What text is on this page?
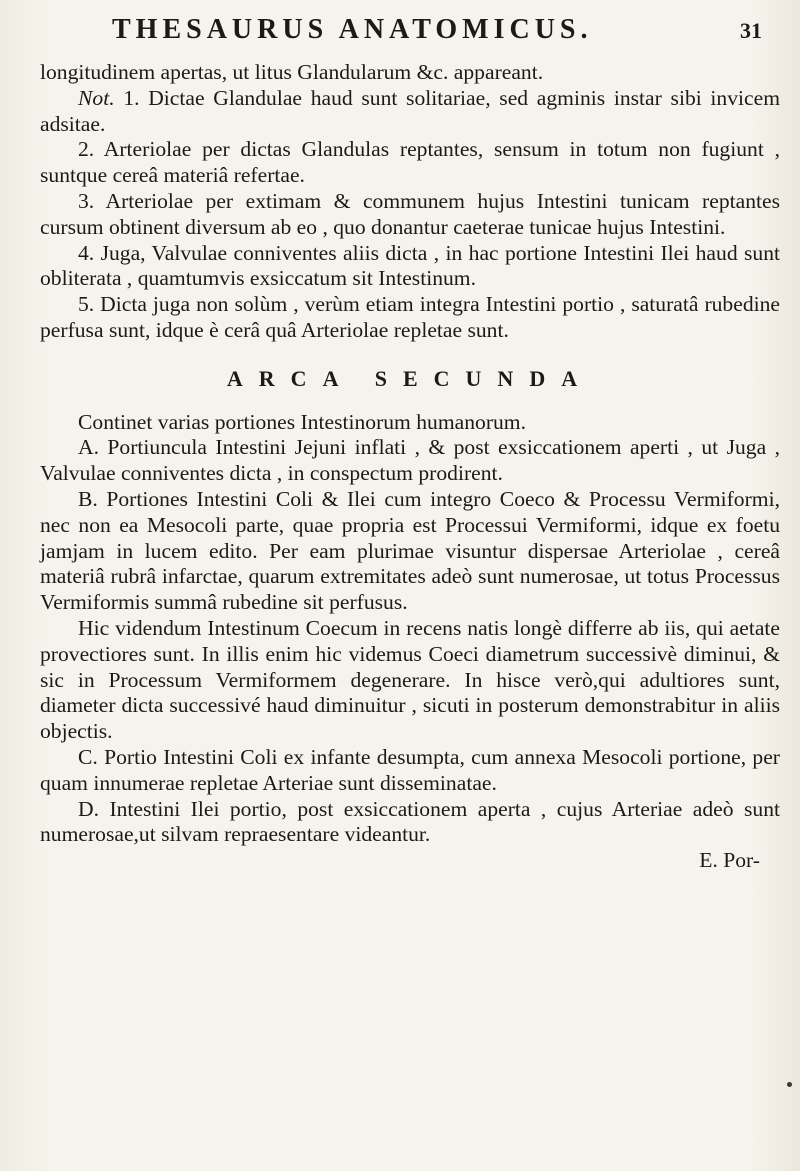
THESAURUS ANATOMICUS.	31

longitudinem apertas, ut litus Glandularum &c. appareant.

Not. 1. Dictae Glandulae haud sunt solitariae, sed agminis instar sibi invicem adsitae.

2. Arteriolae per dictas Glandulas reptantes, sensum in totum non fugiunt , suntque cereâ materiâ refertae.

3. Arteriolae per extimam & communem hujus Intestini tunicam reptantes cursum obtinent diversum ab eo , quo donantur caeterae tunicae hujus Intestini.

4. Juga, Valvulae conniventes aliis dicta , in hac portione Intestini Ilei haud sunt obliterata , quamtumvis exsiccatum sit Intestinum.

5. Dicta juga non solùm , verùm etiam integra Intestini portio , saturatâ rubedine perfusa sunt, idque è cerâ quâ Arteriolae repletae sunt.

ARCA SECUNDA

Continet varias portiones Intestinorum humanorum.

A. Portiuncula Intestini Jejuni inflati , & post exsiccationem aperti , ut Juga , Valvulae conniventes dicta , in conspectum prodirent.

B. Portiones Intestini Coli & Ilei cum integro Coeco & Processu Vermiformi, nec non ea Mesocoli parte, quae propria est Processui Vermiformi, idque ex foetu jamjam in lucem edito. Per eam plurimae visuntur dispersae Arteriolae , cereâ materiâ rubrâ infarctae, quarum extremitates adeò sunt numerosae, ut totus Processus Vermiformis summâ rubedine sit perfusus.

Hic videndum Intestinum Coecum in recens natis longè differre ab iis, qui aetate provectiores sunt. In illis enim hic videmus Coeci diametrum successivè diminui, & sic in Processum Vermiformem degenerare. In hisce verò,qui adultiores sunt, diameter dicta successivé haud diminuitur , sicuti in posterum demonstrabitur in aliis objectis.

C. Portio Intestini Coli ex infante desumpta, cum annexa Mesocoli portione, per quam innumerae repletae Arteriae sunt disseminatae.

D. Intestini Ilei portio, post exsiccationem aperta , cujus Arteriae adeò sunt numerosae,ut silvam repraesentare videantur.

E. Por-
